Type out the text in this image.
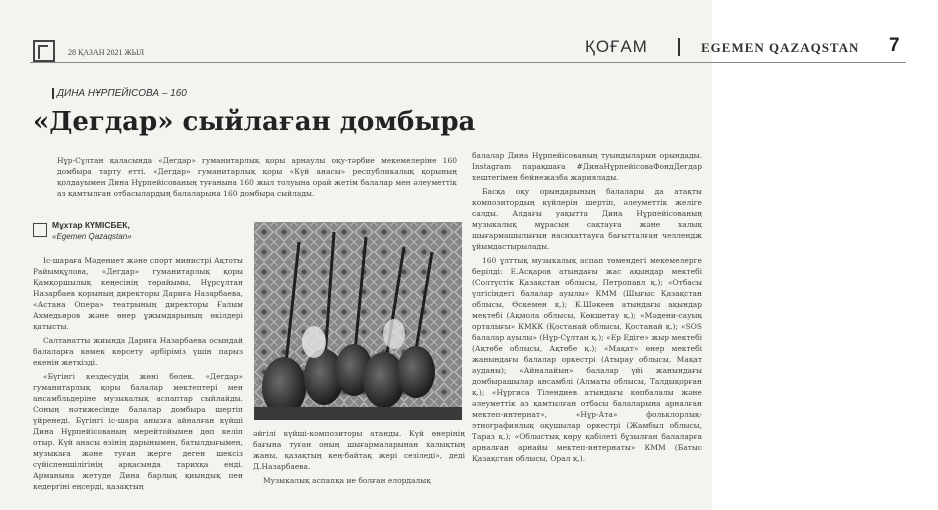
28 ҚАЗАН 2021 ЖЫЛ	ҚОҒАМ	EGEMEN QAZAQSTAN 7
ДИНА НҰРПЕЙІСОВА – 160
«Дегдар» сыйлаған домбыра
Нұр-Сұлтан қаласында «Дегдар» гуманитарлық қоры арнаулы оқу-тәрбие мекемелеріне 160 домбыра тарту етті. «Дегдар» гуманитарлық қоры «Күй анасы» республикалық қорының қолдауымен Дина Нұрпейісованың туғанына 160 жыл толуына орай жетім балалар мен әлеуметтік аз қамтылған отбасылардың балаларына 160 домбыра сыйлады.
Мұхтар КҮМІСБЕК,
«Egemen Qazaqstan»

Іс-шараға Мәдениет және спорт министрі Ақтоты Райымқұлова, «Дегдар» гуманитарлық қоры Қамқоршылық кеңесінің төрайымы, Нұрсұлтан Назарбаев қорының директоры Дариға Назарбаева, «Астана Опера» театрының директоры Ғалым Ахмедьяров және өнер ұжымдарының өкілдері қатысты.

Салтанатты жиында Дариға Назарбаева осындай балаларға көмек көрсету әрбіріміз үшін парыз екенін жеткізді.

«Бүгінгі кездесудің жөні бөлек. «Дегдар» гуманитарлық қоры балалар мектептері мен ансамбльдеріне музыкалық аспаптар сыйлайды. Соның нәтижесінде балалар домбыра шертіп үйренеді. Бүгінгі іс-шара анызға айналған күйші Дина Нұрпейісованың мерейтойымен дөп келіп отыр. Күй анасы өзінің дарынымен, батылдығымен, музыкаға және туған жерге деген шексіз сүйіспеншілігінің арқасында тарихқа енді. Арманына жетуде Дина барлық қиындық пен кедергіні еңсерді, қазақтың

әйгілі күйші-композиторы атанды. Күй өнерінің бағына туған оның шығармаларынан халықтың жаны, қазақтың кең-байтақ жері сезіледі», деді Д.Назарбаева.

Музыкалық аспапқа ие болған елордалық

балалар Дина Нұрпейісованың туындыларын орындады. Instagram парақшаға #ДинаНұрпейісоваФондДегдар хештегімен бейнежазба жариялады.

Басқа оқу орындарының балалары да атақты композитордың күйлерін шертіп, әлеуметтік желіге салды. Алдағы уақытта Дина Нұрпейісованың музыкалық мұрасын сақтауға және халық шығармашылығын насихаттауға бағытталған челлендж ұйымдастырылады.

160 ұлттық музыкалық аспап төмендегі мекемелерге берілді: Е.Асқаров атындағы жас ақындар мектебі (Солтүстік Қазақстан облысы, Петропавл қ.); «Отбасы үлгісіндегі балалар ауылы» КММ (Шығыс Қазақстан облысы, Өскемен қ.); К.Шәкеев атындағы ақындар мектебі (Ақмола облысы, Көкшетау қ.); «Мәдени-сауық орталығы» КМКК (Қостанай облысы, Қостанай қ.); «SOS балалар ауылы» (Нұр-Сұлтан қ.); «Ер Едіге» жыр мектебі (Ақтөбе облысы, Ақтөбе қ.); «Мақат» өнер мектебі жанындағы балалар оркестрі (Атырау облысы, Мақат ауданы); «Айналайын» балалар үйі жанындағы домбырашылар ансамблі (Алматы облысы, Талдықорған қ.); «Нұргиса Тілендиев атындағы көпбалалы және әлеуметтік аз қамтылған отбасы балаларына арналған мектеп-интернат», «Нұр-Ата» фольклорлық-этнографиялық оқушылар оркестрі (Жамбыл облысы, Тараз қ.); «Облыстық көру қабілеті бұзылған балаларға арналған арнайы мектеп-интернаты» КММ (Батыс Қазақстан облысы, Орал қ.).
